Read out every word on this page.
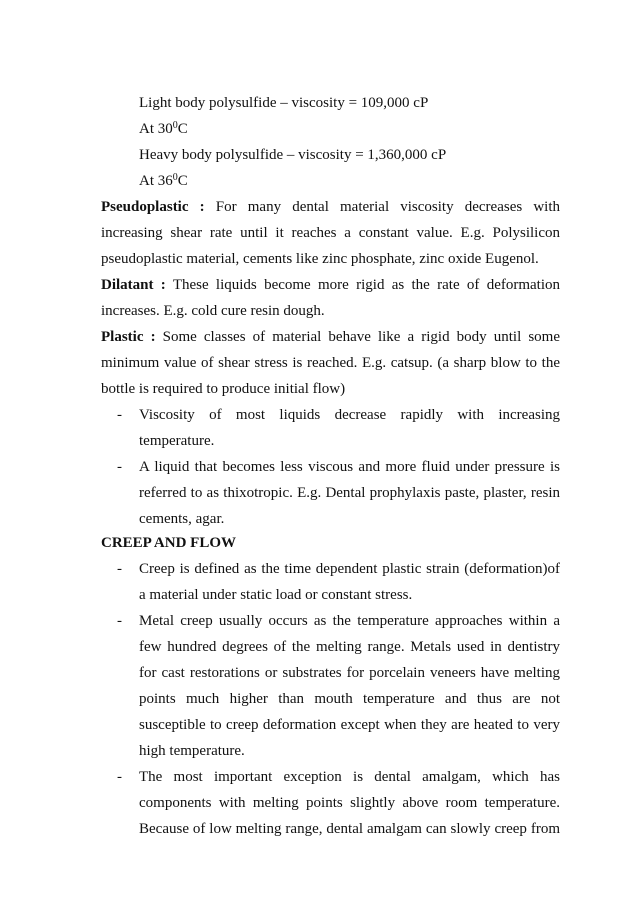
Light body polysulfide – viscosity = 109,000 cP
At $30^0C$
Heavy body polysulfide – viscosity = 1,360,000 cP
At $36^0C$
Pseudoplastic : For many dental material viscosity decreases with
increasing shear rate until it reaches a constant value. E.g. Polysilicon
pseudoplastic material, cements like zinc phosphate, zinc oxide Eugenol.
Dilatant : These liquids become more rigid as the rate of deformation
increases. E.g. cold cure resin dough.
Plastic : Some classes of material behave like a rigid body until some
minimum value of shear stress is reached. E.g. catsup. (a sharp blow to the
bottle is required to produce initial flow)
-	Viscosity of most liquids decrease rapidly with increasing
temperature.
-	A liquid that becomes less viscous and more fluid under pressure is
referred to as thixotropic. E.g. Dental prophylaxis paste, plaster, resin
cements, agar.
CREEP AND FLOW
-	Creep is defined as the time dependent plastic strain (deformation)of
a material under static load or constant stress.
-	Metal creep usually occurs as the temperature approaches within a
few hundred degrees of the melting range. Metals used in dentistry
for cast restorations or substrates for porcelain veneers have melting
points much higher than mouth temperature and thus are not
susceptible to creep deformation except when they are heated to very
high temperature.
-	The most important exception is dental amalgam, which has
components with melting points slightly above room temperature.
Because of low melting range, dental amalgam can slowly creep from
